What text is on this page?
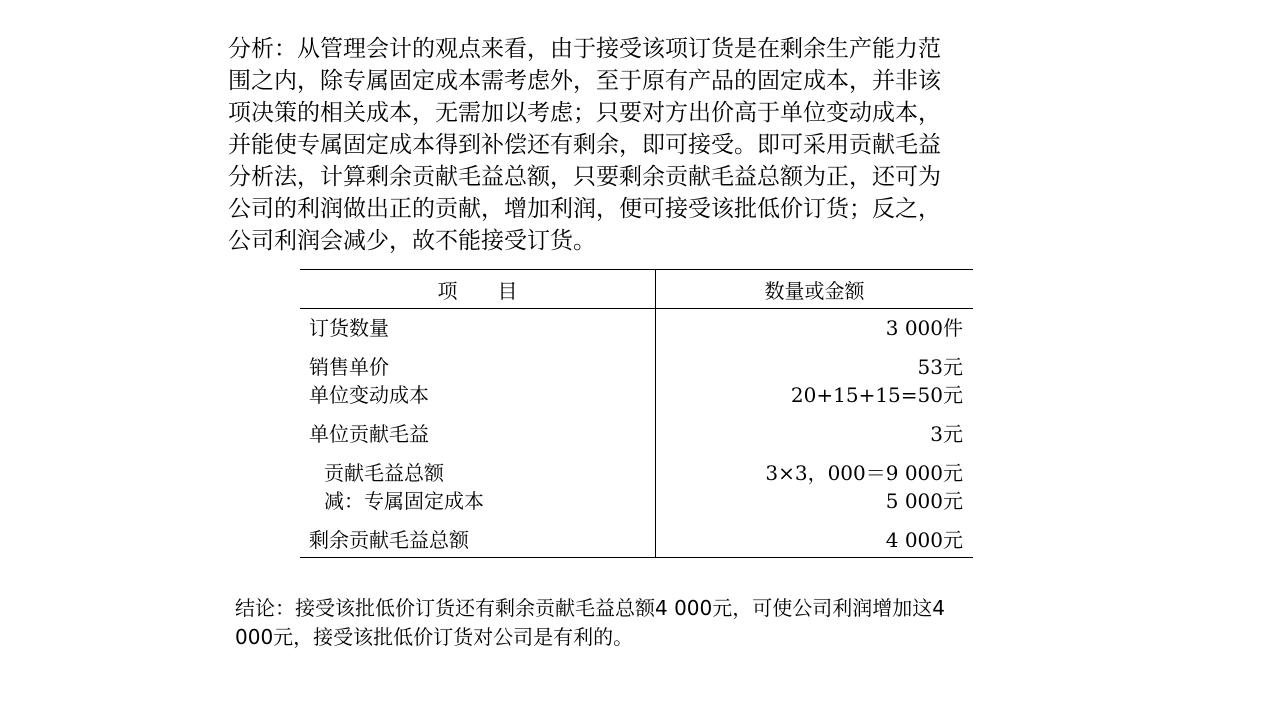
分析：从管理会计的观点来看，由于接受该项订货是在剩余生产能力范
围之内，除专属固定成本需考虑外，至于原有产品的固定成本，并非该
项决策的相关成本，无需加以考虑；只要对方出价高于单位变动成本，
并能使专属固定成本得到补偿还有剩余，即可接受。即可采用贡献毛益
分析法，计算剩余贡献毛益总额，只要剩余贡献毛益总额为正，还可为
公司的利润做出正的贡献，增加利润，便可接受该批低价订货；反之，
公司利润会减少，故不能接受订货。
项　　目	数量或金额
订货数量
销售单价
单位变动成本
单位贡献毛益
贡献毛益总额
减：专属固定成本
剩余贡献毛益总额
3 000件
53元
20+15+15=50元
3元
3×3，000＝9 000元
5 000元
4 000元
结论：接受该批低价订货还有剩余贡献毛益总额4 000元，可使公司利润增加这4
000元，接受该批低价订货对公司是有利的。
